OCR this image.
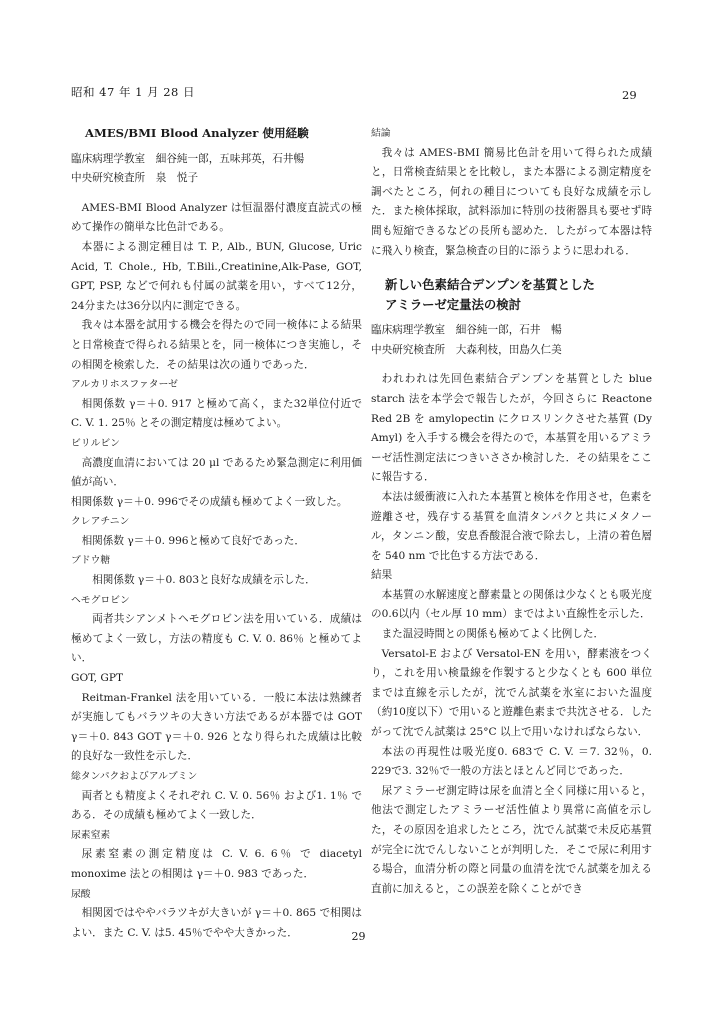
昭和 47 年 1 月 28 日	29

AMES/BMI Blood Analyzer 使用経験

臨床病理学教室　細谷純一郎，五味邦英，石井暢

中央研究検査所　泉　悦子

AMES-BMI Blood Analyzer は恒温器付濃度直読式の極めて操作の簡単な比色計である。

本器による測定種目は T. P., Alb., BUN, Glucose, Uric Acid, T. Chole., Hb, T.Bili.,Creatinine,Alk-Pase, GOT, GPT, PSP, などで何れも付属の試薬を用い，すべて12分，24分または36分以内に測定できる。

我々は本器を試用する機会を得たので同一検体による結果と日常検査で得られる結果とを，同一検体につき実施し，その相関を検索した．その結果は次の通りであった．

アルカリホスファターゼ

相関係数 γ＝＋0. 917 と極めて高く，また32単位付近で C. V. 1. 25％ とその測定精度は極めてよい。

ビリルビン

高濃度血清においては 20 μl であるため緊急測定に利用価値が高い．

相関係数 γ＝＋0. 996でその成績も極めてよく一致した。

クレアチニン

相関係数 γ＝＋0. 996と極めて良好であった．

ブドウ糖

相関係数 γ＝＋0. 803と良好な成績を示した．

ヘモグロビン

両者共シアンメトヘモグロビン法を用いている．成績は極めてよく一致し，方法の精度も C. V. 0. 86％ と極めてよい．

GOT, GPT

Reitman-Frankel 法を用いている．一般に本法は熟練者が実施してもバラツキの大きい方法であるが本器では GOT γ＝＋0. 843 GOT γ＝＋0. 926 となり得られた成績は比較的良好な一致性を示した．

総タンパクおよびアルブミン

両者とも精度よくそれぞれ C. V. 0. 56％ および1. 1％ である．その成績も極めてよく一致した．

尿素窒素

尿素窒素の測定精度は C. V. 6. 6％ で diacetyl monoxime 法との相関は γ＝＋0. 983 であった．

尿酸

相関図ではややバラツキが大きいが γ＝＋0. 865 で相関はよい．また C. V. は5. 45％でやや大きかった．

結論

我々は AMES-BMI 簡易比色計を用いて得られた成績と，日常検査結果とを比較し，また本器による測定精度を調べたところ，何れの種目についても良好な成績を示した．また検体採取，試料添加に特別の技術器具も要せず時間も短縮できるなどの長所も認めた．したがって本器は特に飛入り検査，緊急検査の目的に添うように思われる．

新しい色素結合デンプンを基質とした

アミラーゼ定量法の検討

臨床病理学教室　細谷純一郎，石井　暢

中央研究検査所　大森利枝，田島久仁美

われわれは先回色素結合デンプンを基質とした blue starch 法を本学会で報告したが，今回さらに Reactone Red 2B を amylopectin にクロスリンクさせた基質 (Dy Amyl) を入手する機会を得たので，本基質を用いるアミラーゼ活性測定法につきいささか検討した．その結果をここに報告する．

本法は緩衝液に入れた本基質と検体を作用させ，色素を遊離させ，残存する基質を血清タンパクと共にメタノール，タンニン酸，安息香酸混合液で除去し，上清の着色層を 540 nm で比色する方法である．

結果

本基質の水解速度と酵素量との関係は少なくとも吸光度の0.6以内（セル厚 10 mm）まではよい直線性を示した．

また温浸時間との関係も極めてよく比例した．

Versatol-E および Versatol-EN を用い，酵素液をつくり，これを用い検量線を作製すると少なくとも 600 単位までは直線を示したが，沈でん試薬を氷室においた温度（約10度以下）で用いると遊離色素まで共沈させる．したがって沈でん試薬は 25°C 以上で用いなければならない．

本法の再現性は吸光度0. 683で C. V. ＝7. 32％，0. 229で3. 32％で一般の方法とほとんど同じであった．

尿アミラーゼ測定時は尿を血清と全く同様に用いると，他法で測定したアミラーゼ活性値より異常に高値を示した，その原因を追求したところ，沈でん試薬で未反応基質が完全に沈でんしないことが判明した．そこで尿に利用する場合，血清分析の際と同量の血清を沈でん試薬を加える直前に加えると，この誤差を除くことができ

29
